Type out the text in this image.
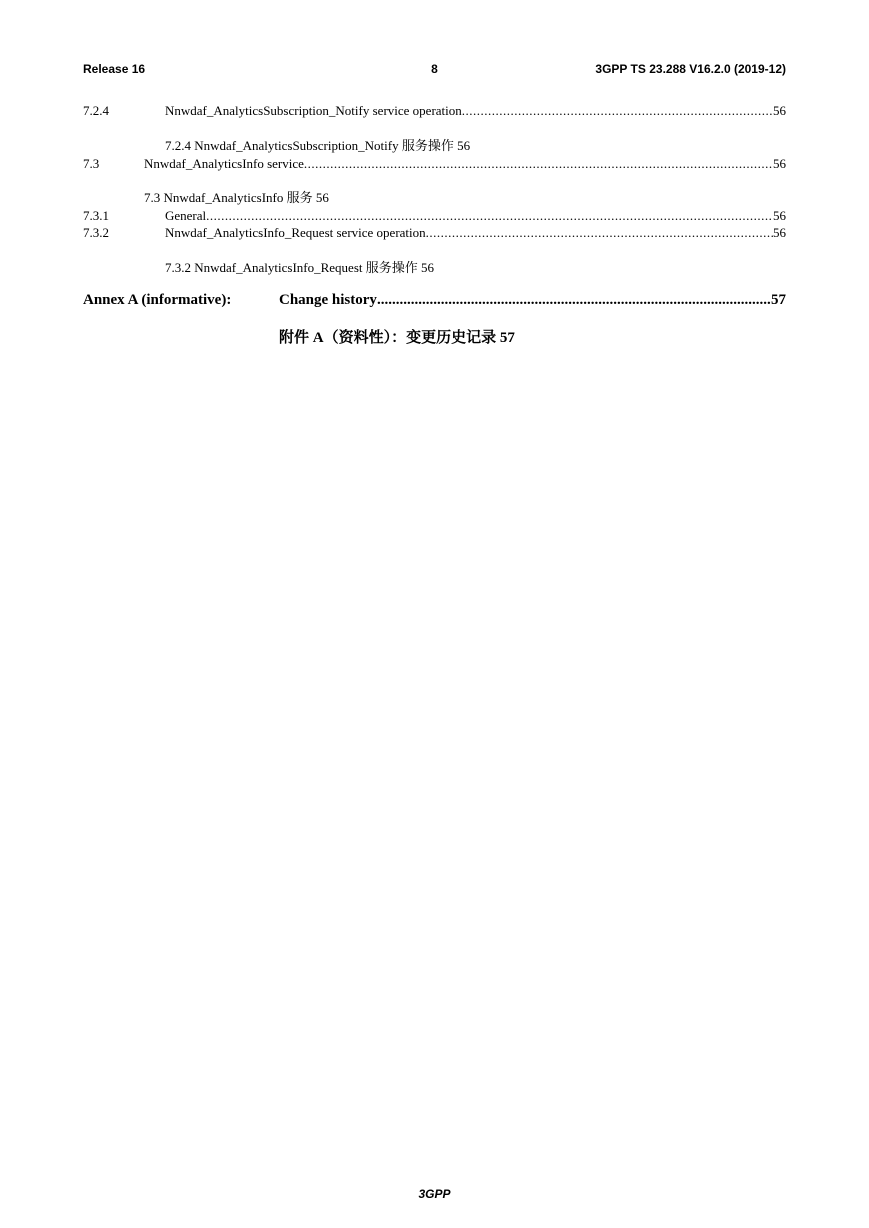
Release 16	8	3GPP TS 23.288 V16.2.0 (2019-12)
7.2.4	Nnwdaf_AnalyticsSubscription_Notify service operation .....	56
7.2.4 Nnwdaf_AnalyticsSubscription_Notify 服务操作 56
7.3	Nnwdaf_AnalyticsInfo service .....	56
7.3 Nnwdaf_AnalyticsInfo 服务 56
7.3.1	General .....	56
7.3.2	Nnwdaf_AnalyticsInfo_Request service operation .....	56
7.3.2 Nnwdaf_AnalyticsInfo_Request 服务操作 56
Annex A (informative):	Change history .....	57
附件 A（资料性）：变更历史记录 57
3GPP
